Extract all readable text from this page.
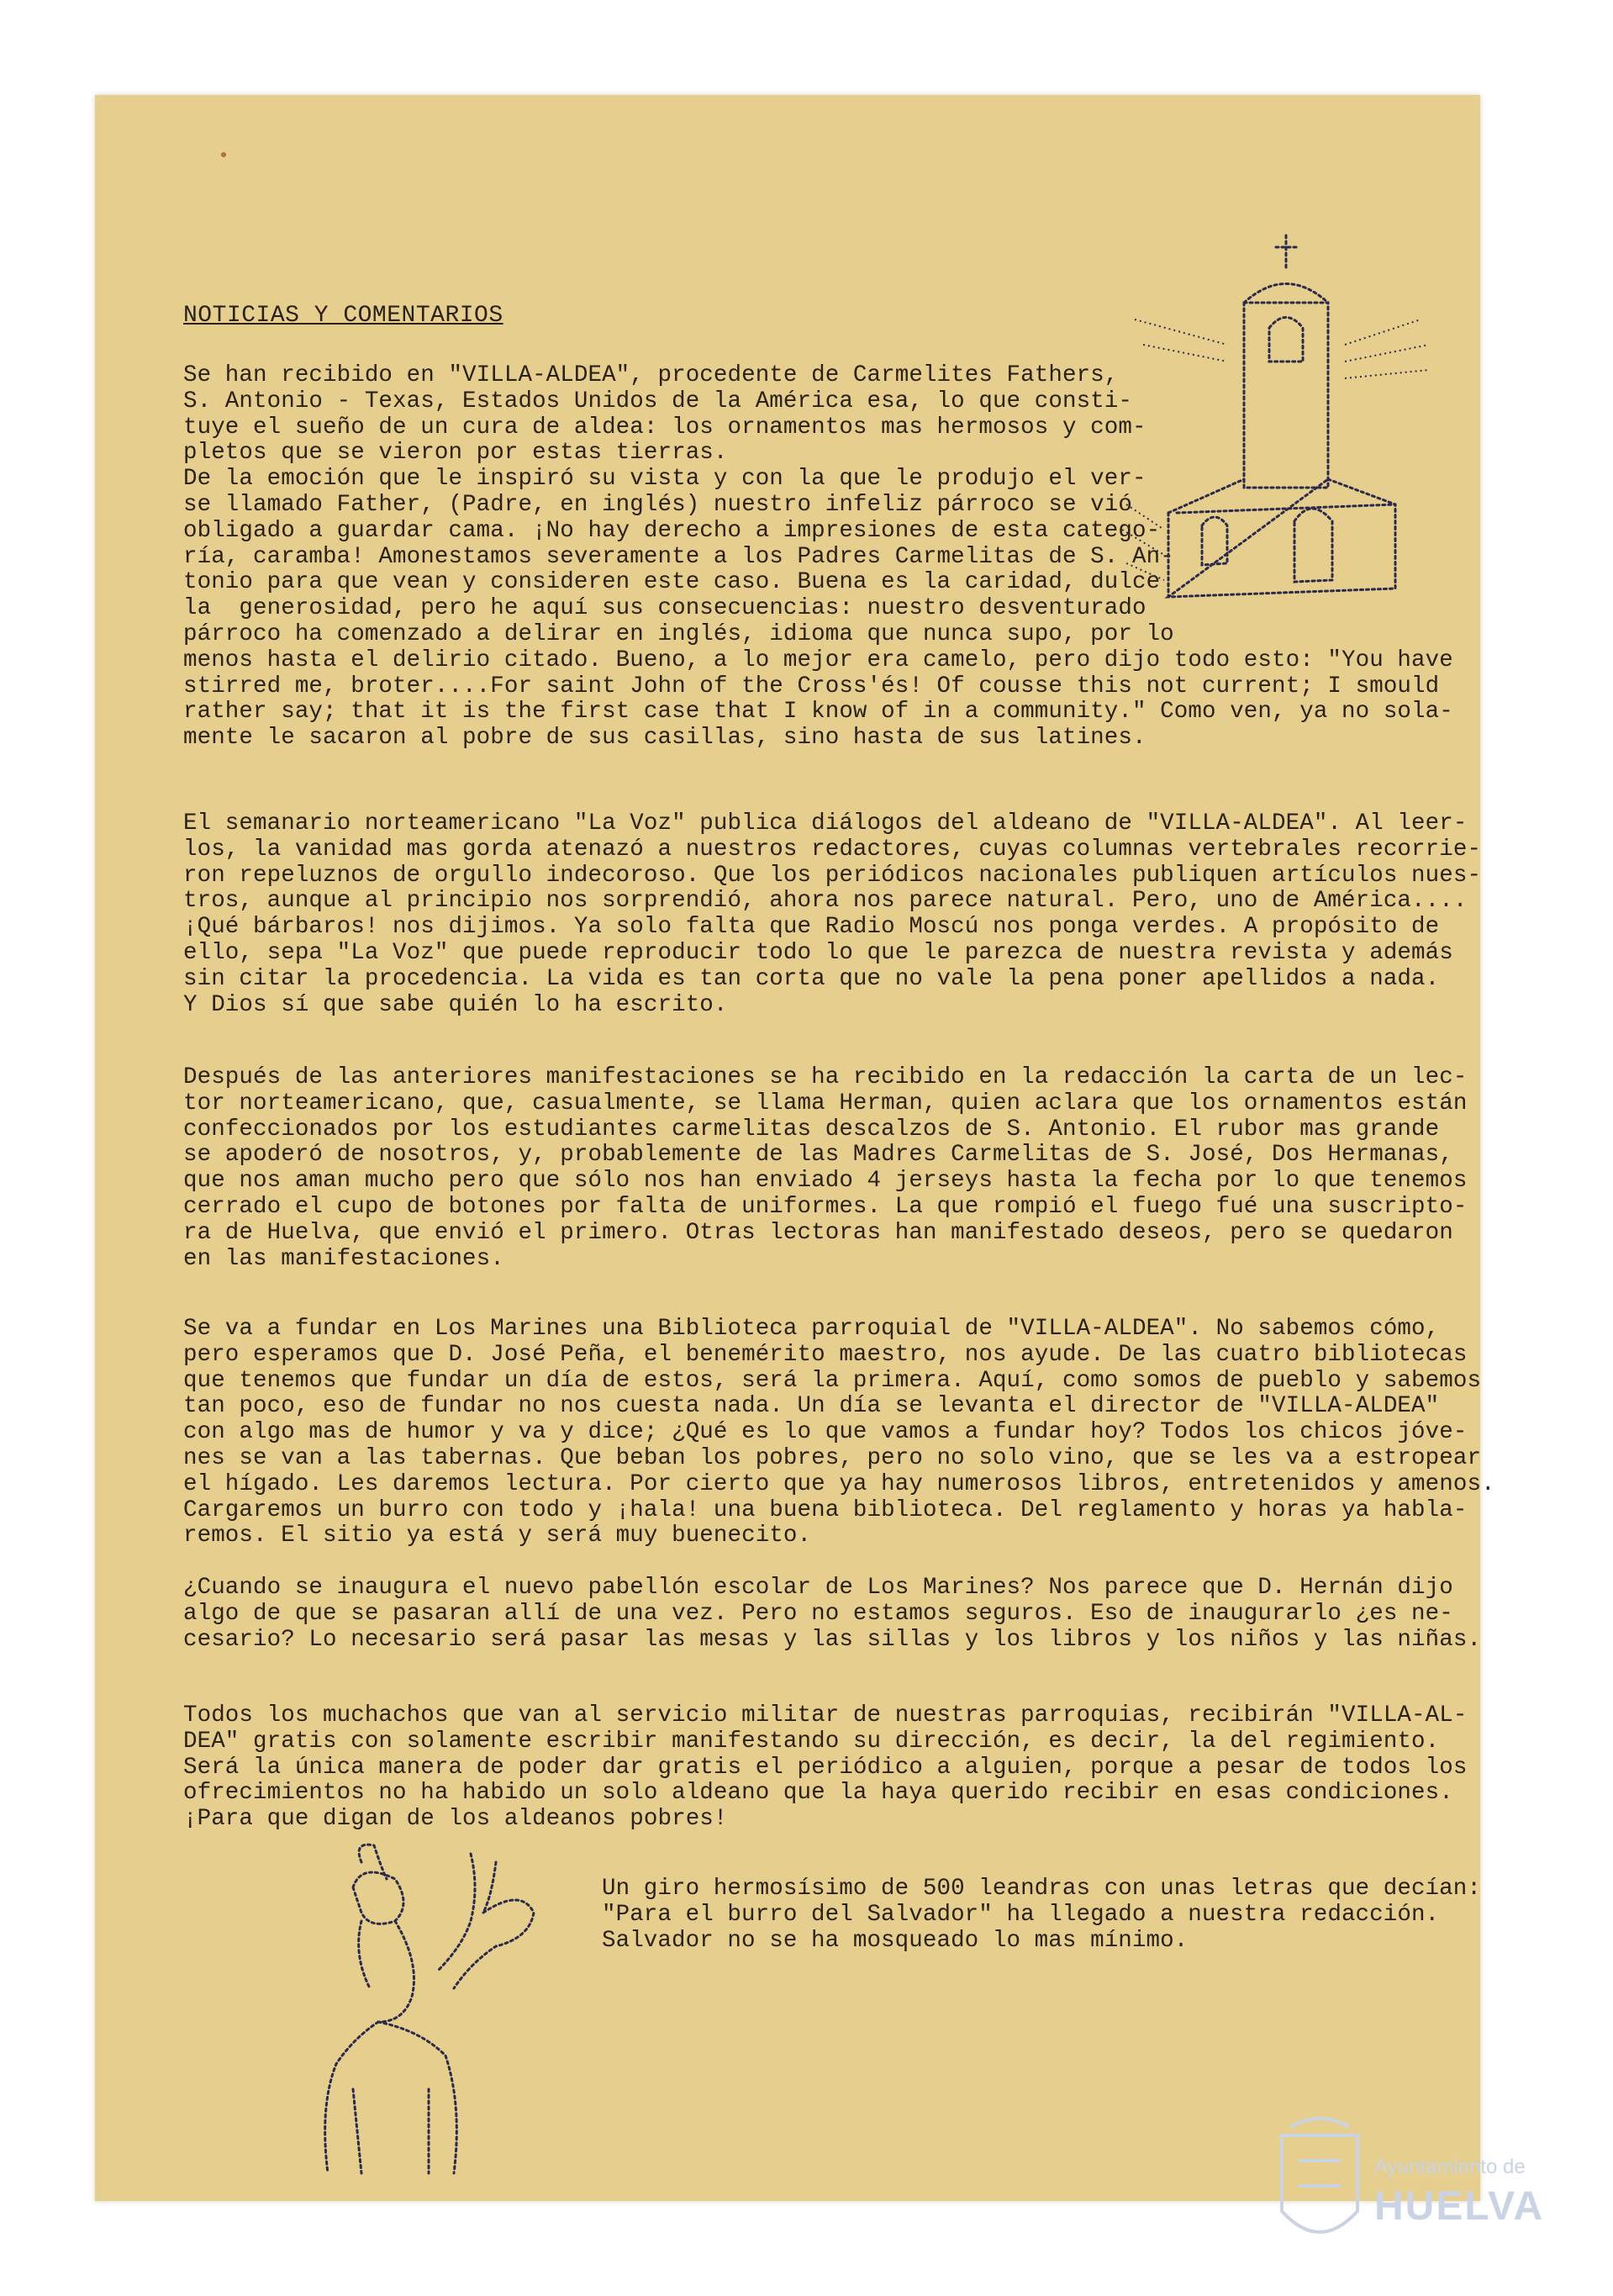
NOTICIAS Y COMENTARIOS
Se han recibido en "VILLA-ALDEA", procedente de Carmelites Fathers,
S. Antonio - Texas, Estados Unidos de la América esa, lo que consti-
tuye el sueño de un cura de aldea: los ornamentos mas hermosos y com-
pletos que se vieron por estas tierras.
De la emoción que le inspiró su vista y con la que le produjo el ver-
se llamado Father, (Padre, en inglés) nuestro infeliz párroco se vió
obligado a guardar cama. ¡No hay derecho a impresiones de esta catego-
ría, caramba! Amonestamos severamente a los Padres Carmelitas de S. An-
tonio para que vean y consideren este caso. Buena es la caridad, dulce
la  generosidad, pero he aquí sus consecuencias: nuestro desventurado
párroco ha comenzado a delirar en inglés, idioma que nunca supo, por lo
menos hasta el delirio citado. Bueno, a lo mejor era camelo, pero dijo todo esto: "You have
stirred me, broter....For saint John of the Cross'és! Of cousse this not current; I smould
rather say; that it is the first case that I know of in a community." Como ven, ya no sola-
mente le sacaron al pobre de sus casillas, sino hasta de sus latines.
El semanario norteamericano "La Voz" publica diálogos del aldeano de "VILLA-ALDEA". Al leer-
los, la vanidad mas gorda atenazó a nuestros redactores, cuyas columnas vertebrales recorrie-
ron repeluznos de orgullo indecoroso. Que los periódicos nacionales publiquen artículos nues-
tros, aunque al principio nos sorprendió, ahora nos parece natural. Pero, uno de América....
¡Qué bárbaros! nos dijimos. Ya solo falta que Radio Moscú nos ponga verdes. A propósito de
ello, sepa "La Voz" que puede reproducir todo lo que le parezca de nuestra revista y además
sin citar la procedencia. La vida es tan corta que no vale la pena poner apellidos a nada.
Y Dios sí que sabe quién lo ha escrito.
Después de las anteriores manifestaciones se ha recibido en la redacción la carta de un lec-
tor norteamericano, que, casualmente, se llama Herman, quien aclara que los ornamentos están
confeccionados por los estudiantes carmelitas descalzos de S. Antonio. El rubor mas grande
se apoderó de nosotros, y, probablemente de las Madres Carmelitas de S. José, Dos Hermanas,
que nos aman mucho pero que sólo nos han enviado 4 jerseys hasta la fecha por lo que tenemos
cerrado el cupo de botones por falta de uniformes. La que rompió el fuego fué una suscripto-
ra de Huelva, que envió el primero. Otras lectoras han manifestado deseos, pero se quedaron
en las manifestaciones.
Se va a fundar en Los Marines una Biblioteca parroquial de "VILLA-ALDEA". No sabemos cómo,
pero esperamos que D. José Peña, el benemérito maestro, nos ayude. De las cuatro bibliotecas
que tenemos que fundar un día de estos, será la primera. Aquí, como somos de pueblo y sabemos
tan poco, eso de fundar no nos cuesta nada. Un día se levanta el director de "VILLA-ALDEA"
con algo mas de humor y va y dice; ¿Qué es lo que vamos a fundar hoy? Todos los chicos jóve-
nes se van a las tabernas. Que beban los pobres, pero no solo vino, que se les va a estropear
el hígado. Les daremos lectura. Por cierto que ya hay numerosos libros, entretenidos y amenos.
Cargaremos un burro con todo y ¡hala! una buena biblioteca. Del reglamento y horas ya habla-
remos. El sitio ya está y será muy buenecito.
¿Cuando se inaugura el nuevo pabellón escolar de Los Marines? Nos parece que D. Hernán dijo
algo de que se pasaran allí de una vez. Pero no estamos seguros. Eso de inaugurarlo ¿es ne-
cesario? Lo necesario será pasar las mesas y las sillas y los libros y los niños y las niñas.
Todos los muchachos que van al servicio militar de nuestras parroquias, recibirán "VILLA-AL-
DEA" gratis con solamente escribir manifestando su dirección, es decir, la del regimiento.
Será la única manera de poder dar gratis el periódico a alguien, porque a pesar de todos los
ofrecimientos no ha habido un solo aldeano que la haya querido recibir en esas condiciones.
¡Para que digan de los aldeanos pobres!
Un giro hermosísimo de 500 leandras con unas letras que decían:
"Para el burro del Salvador" ha llegado a nuestra redacción.
Salvador no se ha mosqueado lo mas mínimo.
Ayuntamiento de
HUELVA
